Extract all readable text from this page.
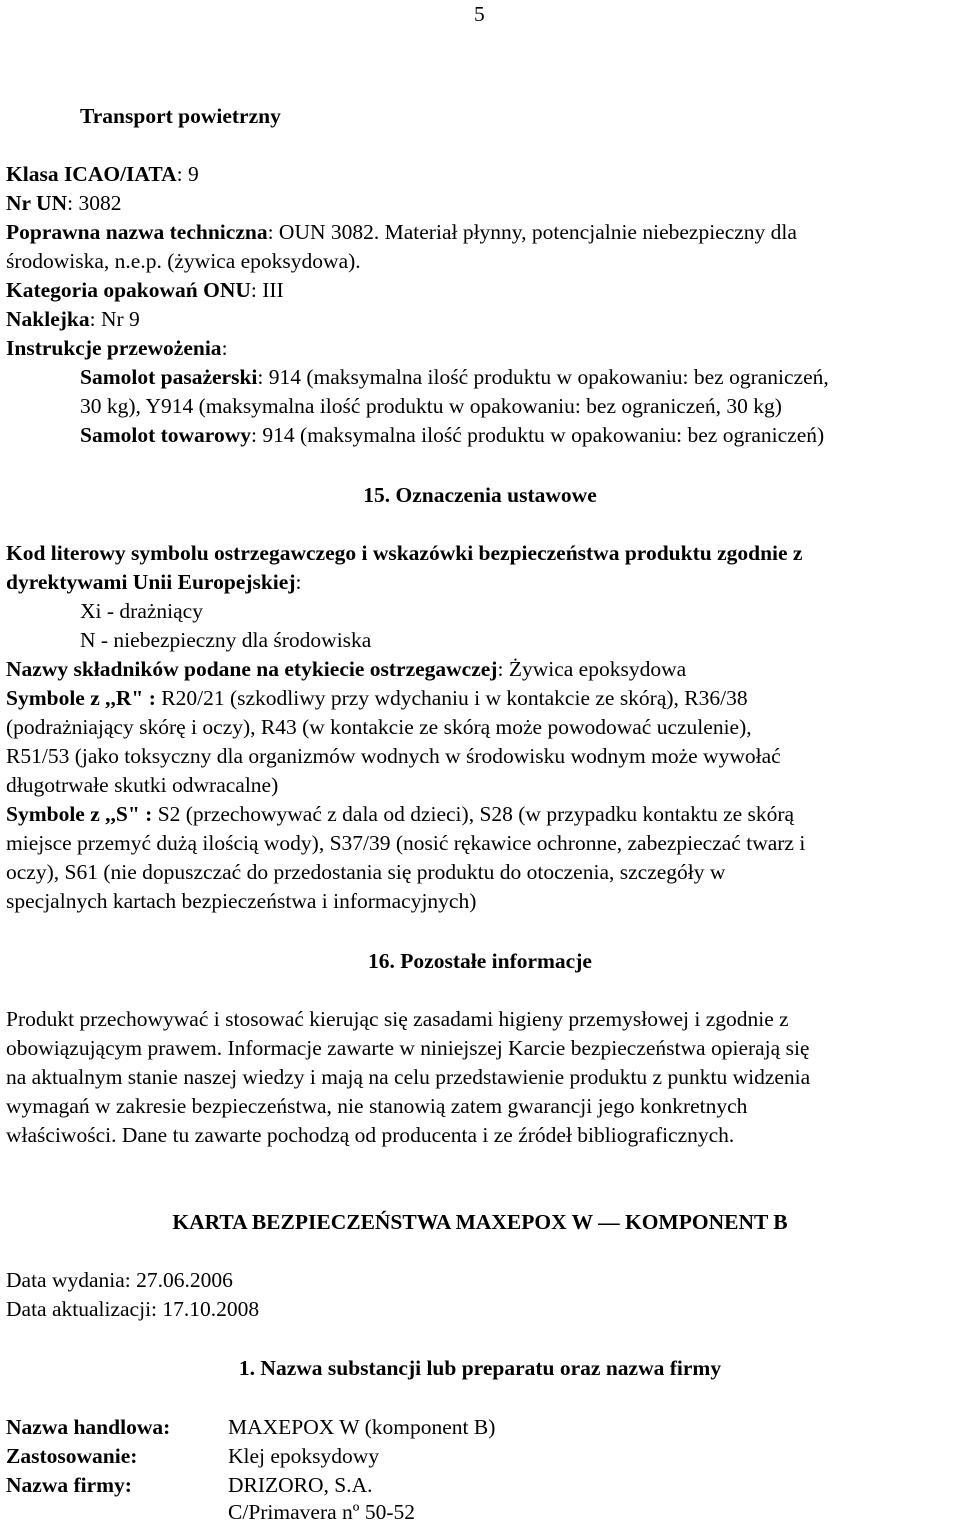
5
Transport powietrzny
Klasa ICAO/IATA: 9
Nr UN: 3082
Poprawna nazwa techniczna: OUN 3082. Materiał płynny, potencjalnie niebezpieczny dla
środowiska, n.e.p. (żywica epoksydowa).
Kategoria opakowań ONU: III
Naklejka: Nr 9
Instrukcje przewożenia:
Samolot pasażerski: 914 (maksymalna ilość produktu w opakowaniu: bez ograniczeń,
30 kg), Y914 (maksymalna ilość produktu w opakowaniu: bez ograniczeń, 30 kg)
Samolot towarowy: 914 (maksymalna ilość produktu w opakowaniu: bez ograniczeń)
15. Oznaczenia ustawowe
Kod literowy symbolu ostrzegawczego i wskazówki bezpieczeństwa produktu zgodnie z
dyrektywami Unii Europejskiej:
Xi - drażniący
N - niebezpieczny dla środowiska
Nazwy składników podane na etykiecie ostrzegawczej: Żywica epoksydowa
Symbole z ,,R" : R20/21 (szkodliwy przy wdychaniu i w kontakcie ze skórą), R36/38
(podrażniający skórę i oczy), R43 (w kontakcie ze skórą może powodować uczulenie),
R51/53 (jako toksyczny dla organizmów wodnych w środowisku wodnym może wywołać
długotrwałe skutki odwracalne)
Symbole z ,,S" : S2 (przechowywać z dala od dzieci), S28 (w przypadku kontaktu ze skórą
miejsce przemyć dużą ilością wody), S37/39 (nosić rękawice ochronne, zabezpieczać twarz i
oczy), S61 (nie dopuszczać do przedostania się produktu do otoczenia, szczegóły w
specjalnych kartach bezpieczeństwa i informacyjnych)
16. Pozostałe informacje
Produkt przechowywać i stosować kierując się zasadami higieny przemysłowej i zgodnie z
obowiązującym prawem. Informacje zawarte w niniejszej Karcie bezpieczeństwa opierają się
na aktualnym stanie naszej wiedzy i mają na celu przedstawienie produktu z punktu widzenia
wymagań w zakresie bezpieczeństwa, nie stanowią zatem gwarancji jego konkretnych
właściwości. Dane tu zawarte pochodzą od producenta i ze źródeł bibliograficznych.
KARTA BEZPIECZEŃSTWA MAXEPOX W — KOMPONENT B
Data wydania: 27.06.2006
Data aktualizacji: 17.10.2008
1. Nazwa substancji lub preparatu oraz nazwa firmy
Nazwa handlowa:	MAXEPOX W (komponent B)
Zastosowanie:	Klej epoksydowy
Nazwa firmy:	DRIZORO, S.A.
C/Primavera nº 50-52
